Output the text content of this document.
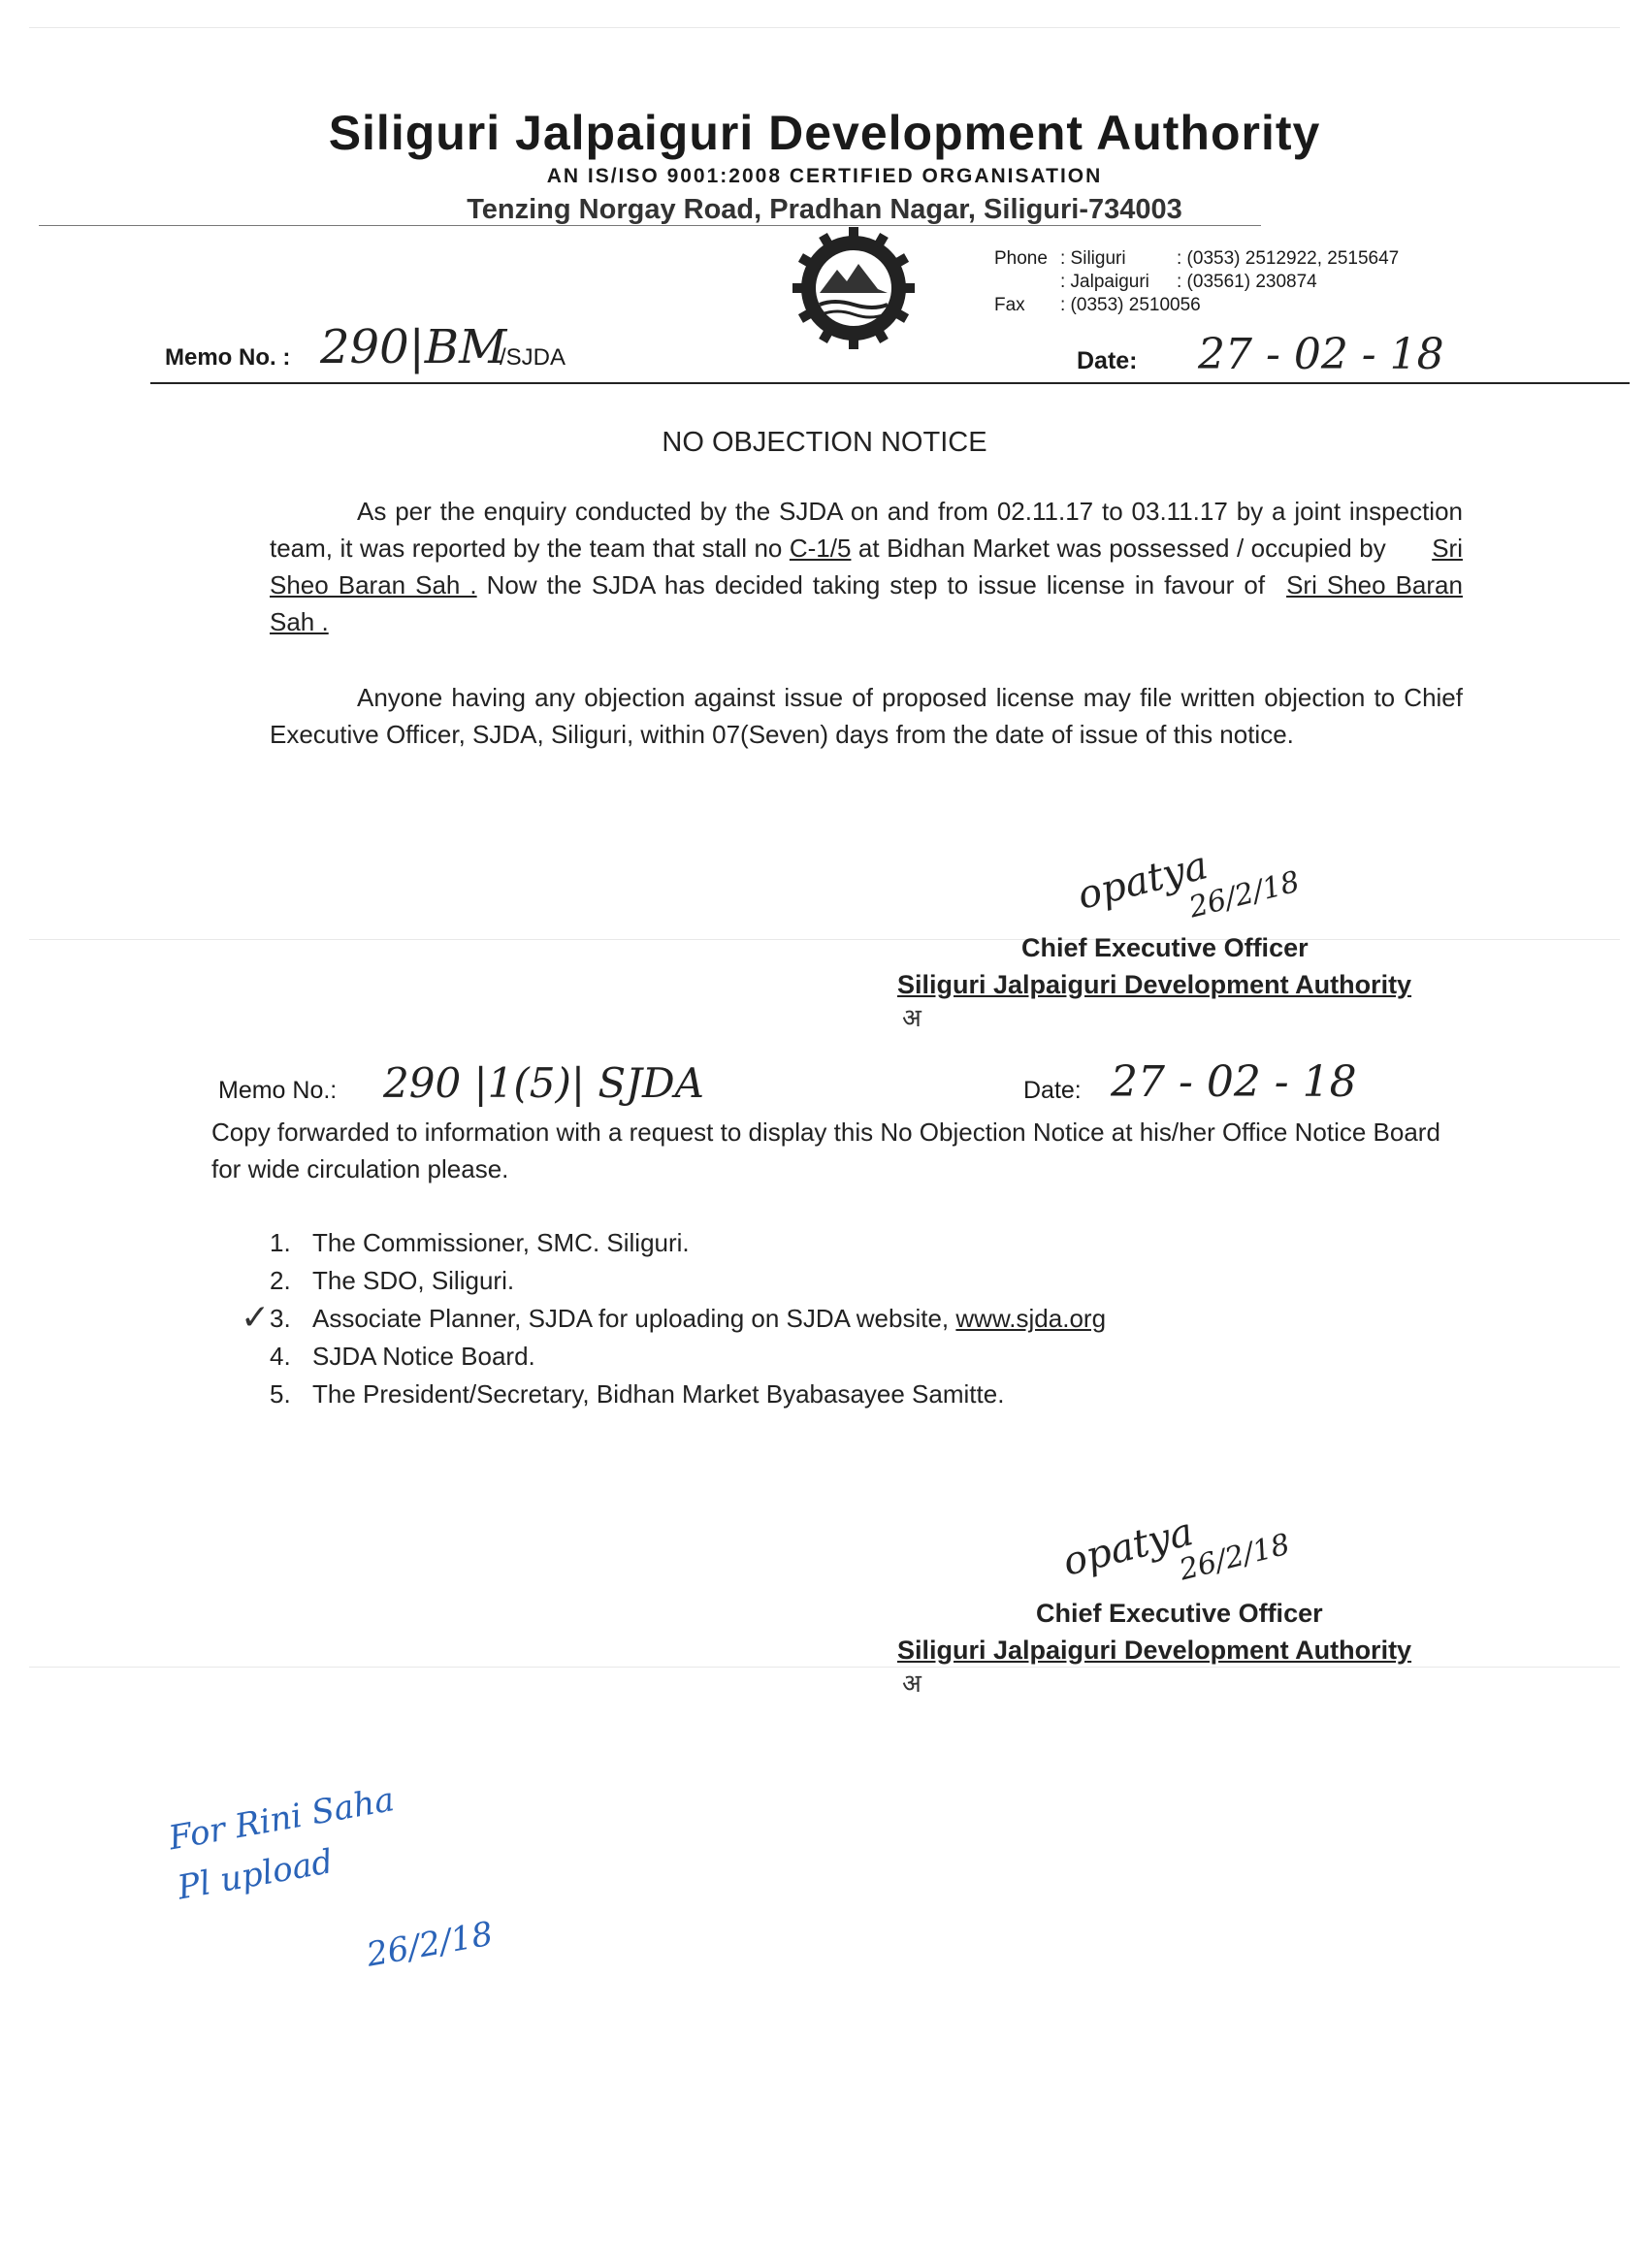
Siliguri Jalpaiguri Development Authority
AN IS/ISO 9001:2008 CERTIFIED ORGANISATION
Tenzing Norgay Road, Pradhan Nagar, Siliguri-734003
Phone : Siliguri	: (0353) 2512922, 2515647
: Jalpaiguri	: (03561) 230874
Fax	: (0353) 2510056
Memo No. : 290|BM
/SJDA	Date: 27 - 02 - 18
NO OBJECTION NOTICE
As per the enquiry conducted by the SJDA on and from 02.11.17 to 03.11.17 by a joint inspection team, it was reported by the team that stall no C-1/5 at Bidhan Market was possessed / occupied by Sri Sheo Baran Sah . Now the SJDA has decided taking step to issue license in favour of Sri Sheo Baran Sah .
Anyone having any objection against issue of proposed license may file written objection to Chief Executive Officer, SJDA, Siliguri, within 07(Seven) days from the date of issue of this notice.
opatya
26/2/18
Chief Executive Officer
Siliguri Jalpaiguri Development Authority
अ
Memo No.: 290 |1(5)| SJDA	Date: 27 - 02 - 18
Copy forwarded to information with a request to display this No Objection Notice at his/her Office Notice Board for wide circulation please.
1. The Commissioner, SMC. Siliguri.
2. The SDO, Siliguri.
3. Associate Planner, SJDA for uploading on SJDA website,
www.sjda.org
4. SJDA Notice Board.
5. The President/Secretary, Bidhan Market Byabasayee Samitte.
✓
opatya
26/2/18
Chief Executive Officer
Siliguri Jalpaiguri Development Authority
अ
For Rini Saha
Pl upload
26/2/18
